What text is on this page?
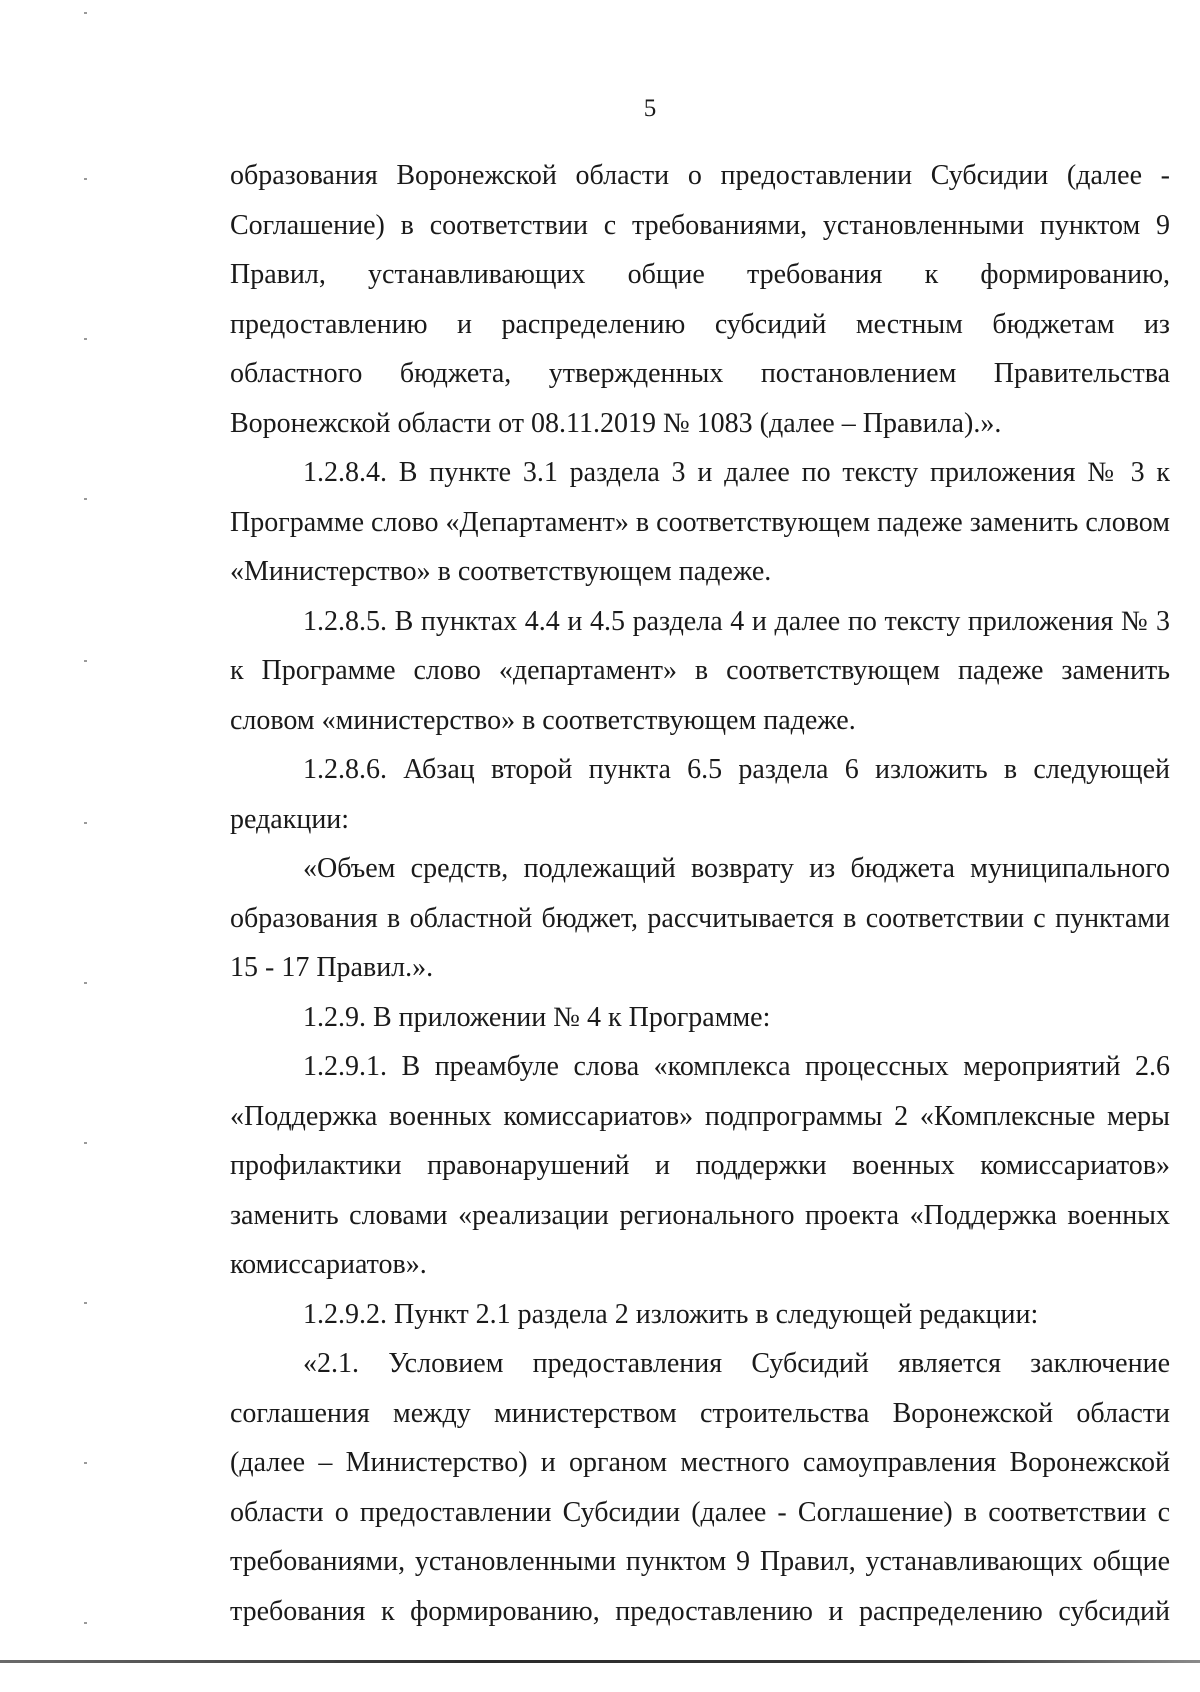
5

образования Воронежской области о предоставлении Субсидии (далее - Соглашение) в соответствии с требованиями, установленными пунктом 9 Правил, устанавливающих общие требования к формированию, предоставлению и распределению субсидий местным бюджетам из областного бюджета, утвержденных постановлением Правительства Воронежской области от 08.11.2019 № 1083 (далее – Правила).».

1.2.8.4. В пункте 3.1 раздела 3 и далее по тексту приложения № 3 к Программе слово «Департамент» в соответствующем падеже заменить словом «Министерство» в соответствующем падеже.

1.2.8.5. В пунктах 4.4 и 4.5 раздела 4 и далее по тексту приложения № 3 к Программе слово «департамент» в соответствующем падеже заменить словом «министерство» в соответствующем падеже.

1.2.8.6. Абзац второй пункта 6.5 раздела 6 изложить в следующей редакции:

«Объем средств, подлежащий возврату из бюджета муниципального образования в областной бюджет, рассчитывается в соответствии с пунктами 15 - 17 Правил.».

1.2.9. В приложении № 4 к Программе:

1.2.9.1. В преамбуле слова «комплекса процессных мероприятий 2.6 «Поддержка военных комиссариатов» подпрограммы 2 «Комплексные меры профилактики правонарушений и поддержки военных комиссариатов» заменить словами «реализации регионального проекта «Поддержка военных комиссариатов».

1.2.9.2. Пункт 2.1 раздела 2 изложить в следующей редакции:

«2.1. Условием предоставления Субсидий является заключение соглашения между министерством строительства Воронежской области (далее – Министерство) и органом местного самоуправления Воронежской области о предоставлении Субсидии (далее - Соглашение) в соответствии с требованиями, установленными пунктом 9 Правил, устанавливающих общие требования к формированию, предоставлению и распределению субсидий
